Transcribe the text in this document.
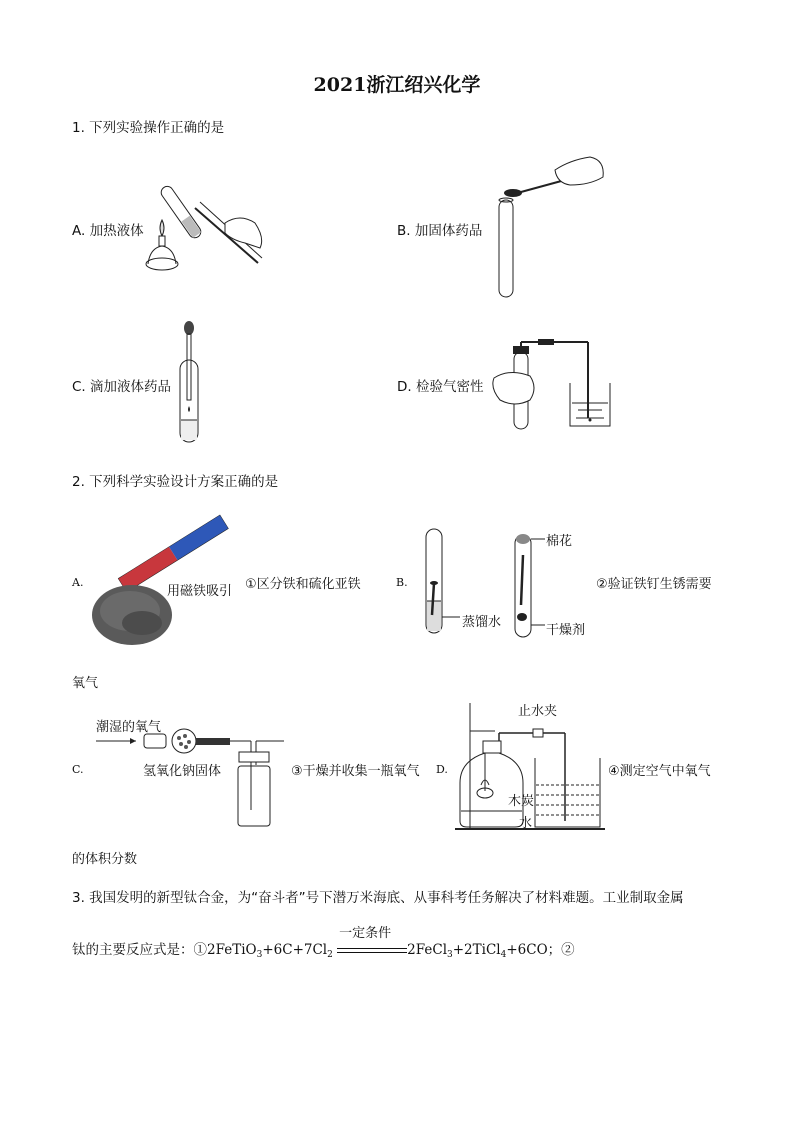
2021浙江绍兴化学
1. 下列实验操作正确的是
A. 加热液体	B. 加固体药品
C. 滴加液体药品	D. 检验气密性
2. 下列科学实验设计方案正确的是
A.
用磁铁吸引 ①区分铁和硫化亚铁	B.
棉花
蒸馏水
干燥剂
②验证铁钉生锈需要
氧气
潮湿的氧气
C.	氢氧化钠固体	③干燥并收集一瓶氧气 D.
止水夹
木炭
水
④测定空气中氧气
的体积分数
3. 我国发明的新型钛合金，为“奋斗者”号下潜万米海底、从事科考任务解决了材料难题。工业制取金属
钛的主要反应式是：$①2FeTiO_3+6C+7Cl_2$
一定条件
2FeCl$_3$+2TiCl$_4$+6CO；②
